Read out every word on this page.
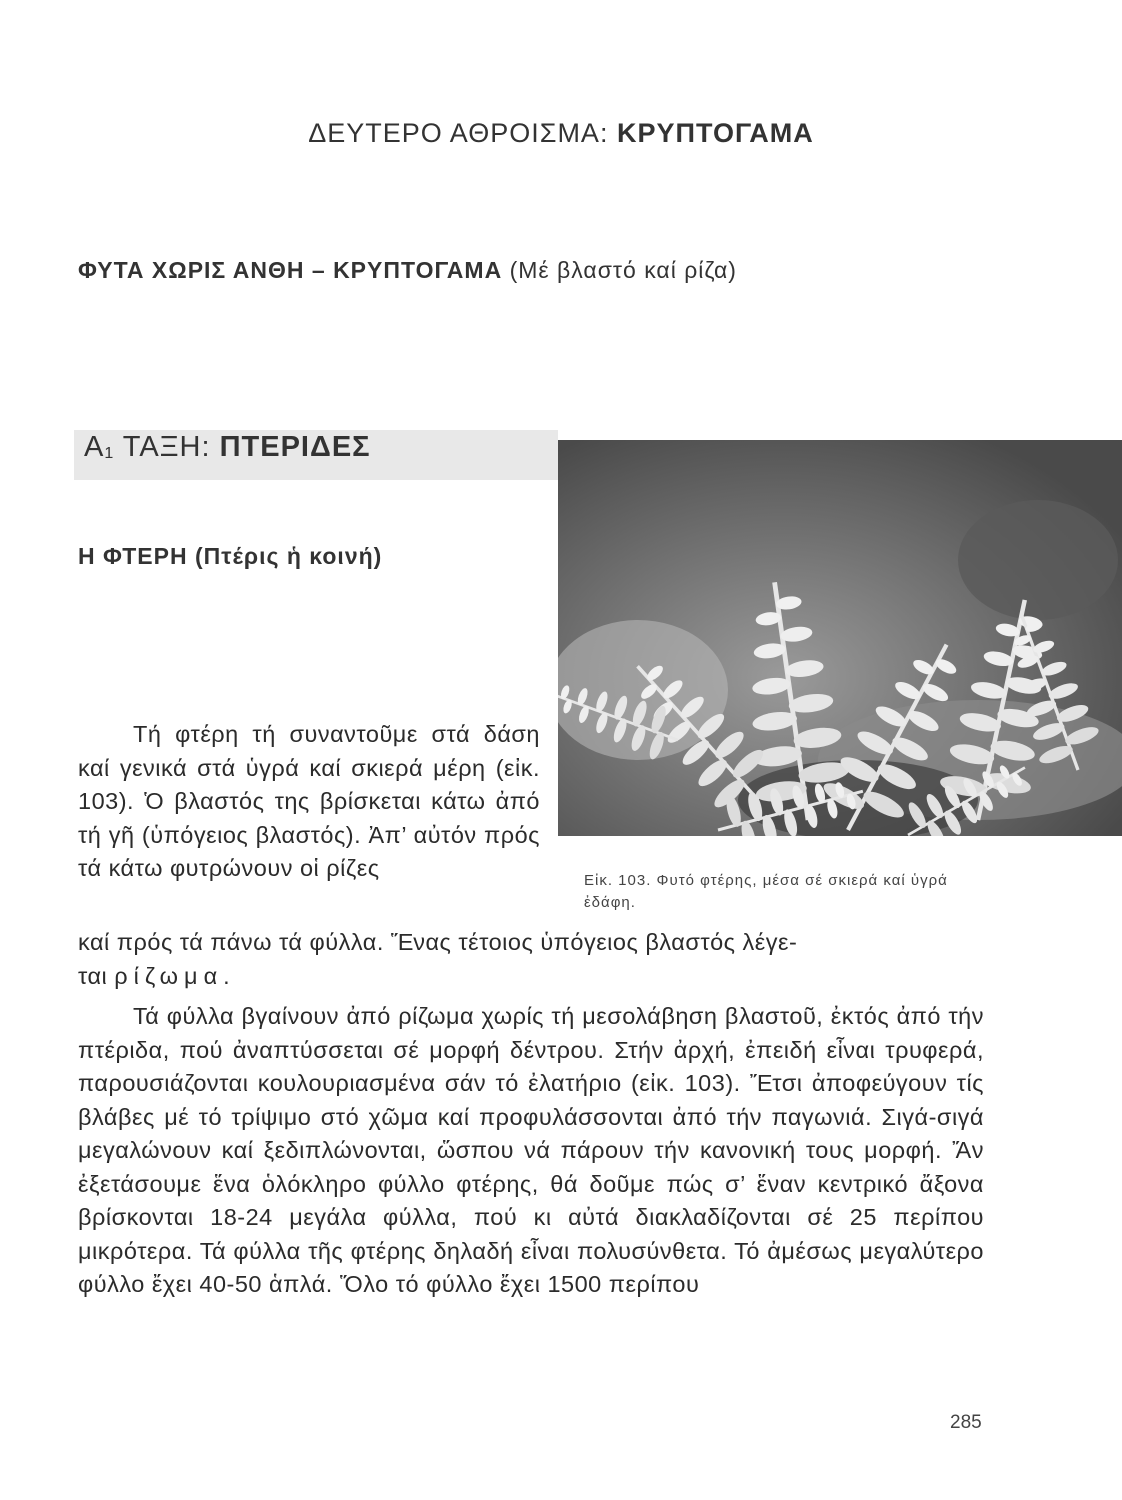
ΔΕΥΤΕΡΟ ΑΘΡΟΙΣΜΑ: ΚΡΥΠΤΟΓΑΜΑ
ΦΥΤΑ ΧΩΡΙΣ ΑΝΘΗ – ΚΡΥΠΤΟΓΑΜΑ (Μέ βλαστό καί ρίζα)
Α1 ΤΑΞΗ: ΠΤΕΡΙΔΕΣ
Η ΦΤΕΡΗ (Πτέρις ἡ κοινή)
Εἰκ. 103. Φυτό φτέρης, μέσα σέ σκιερά καί ὑγρά ἐδάφη.
Τή φτέρη τή συναντοῦμε στά δάση καί γενικά στά ὑγρά καί σκιερά μέρη (εἰκ. 103). Ὁ βλαστός της βρίσκεται κάτω ἀπό τή γῆ (ὑπόγειος βλαστός). Ἀπ’ αὐτόν πρός τά κάτω φυτρώνουν οἱ ρίζες
καί πρός τά πάνω τά φύλλα. Ἕνας τέτοιος ὑπόγειος βλαστός λέγε-
ται ρίζωμα.
Τά φύλλα βγαίνουν ἀπό ρίζωμα χωρίς τή μεσολάβηση βλαστοῦ, ἐκτός ἀπό τήν πτέριδα, πού ἀναπτύσσεται σέ μορφή δέντρου. Στήν ἀρχή, ἐπειδή εἶναι τρυφερά, παρουσιάζονται κουλουριασμένα σάν τό ἐλατήριο (εἰκ. 103). Ἔτσι ἀποφεύγουν τίς βλάβες μέ τό τρίψιμο στό χῶμα καί προφυλάσσονται ἀπό τήν παγωνιά. Σιγά-σιγά μεγαλώνουν καί ξεδιπλώνονται, ὥσπου νά πάρουν τήν κανονική τους μορφή. Ἄν ἐξετάσουμε ἕνα ὁλόκληρο φύλλο φτέρης, θά δοῦμε πώς σ’ ἕναν κεντρικό ἄξονα βρίσκονται 18-24 μεγάλα φύλλα, πού κι αὐτά διακλαδίζονται σέ 25 περίπου μικρότερα. Τά φύλλα τῆς φτέρης δηλαδή εἶναι πολυσύνθετα. Τό ἀμέσως μεγαλύτερο φύλλο ἔχει 40-50 ἁπλά. Ὅλο τό φύλλο ἔχει 1500 περίπου
285
